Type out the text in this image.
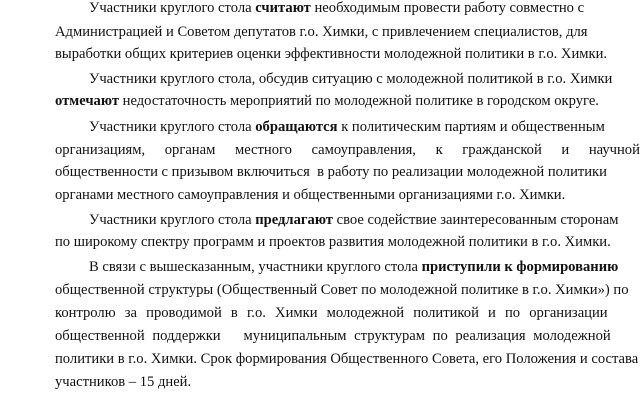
Участники круглого стола считают необходимым провести работу совместно с
Администрацией и Советом депутатов г.о. Химки, с привлечением специалистов, для
выработки общих критериев оценки эффективности молодежной политики в г.о. Химки.
Участники круглого стола, обсудив ситуацию с молодежной политикой в г.о. Химки
отмечают недостаточность мероприятий по молодежной политике в городском округе.
Участники круглого стола обращаются к политическим партиям и общественным
организациям, органам местного самоуправления, к гражданской и научной
общественности с призывом включиться  в работу по реализации молодежной политики
органами местного самоуправления и общественными организациями г.о. Химки.
Участники круглого стола предлагают свое содействие заинтересованным сторонам
по широкому спектру программ и проектов развития молодежной политики в г.о. Химки.
В связи с вышесказанным, участники круглого стола приступили к формированию
общественной структуры (Общественный Совет по молодежной политике в г.о. Химки») по
контролю за проводимой в г.о. Химки молодежной политикой и по организации
общественной поддержки   муниципальным структурам по реализация молодежной
политики в г.о. Химки. Срок формирования Общественного Совета, его Положения и состава
участников – 15 дней.
